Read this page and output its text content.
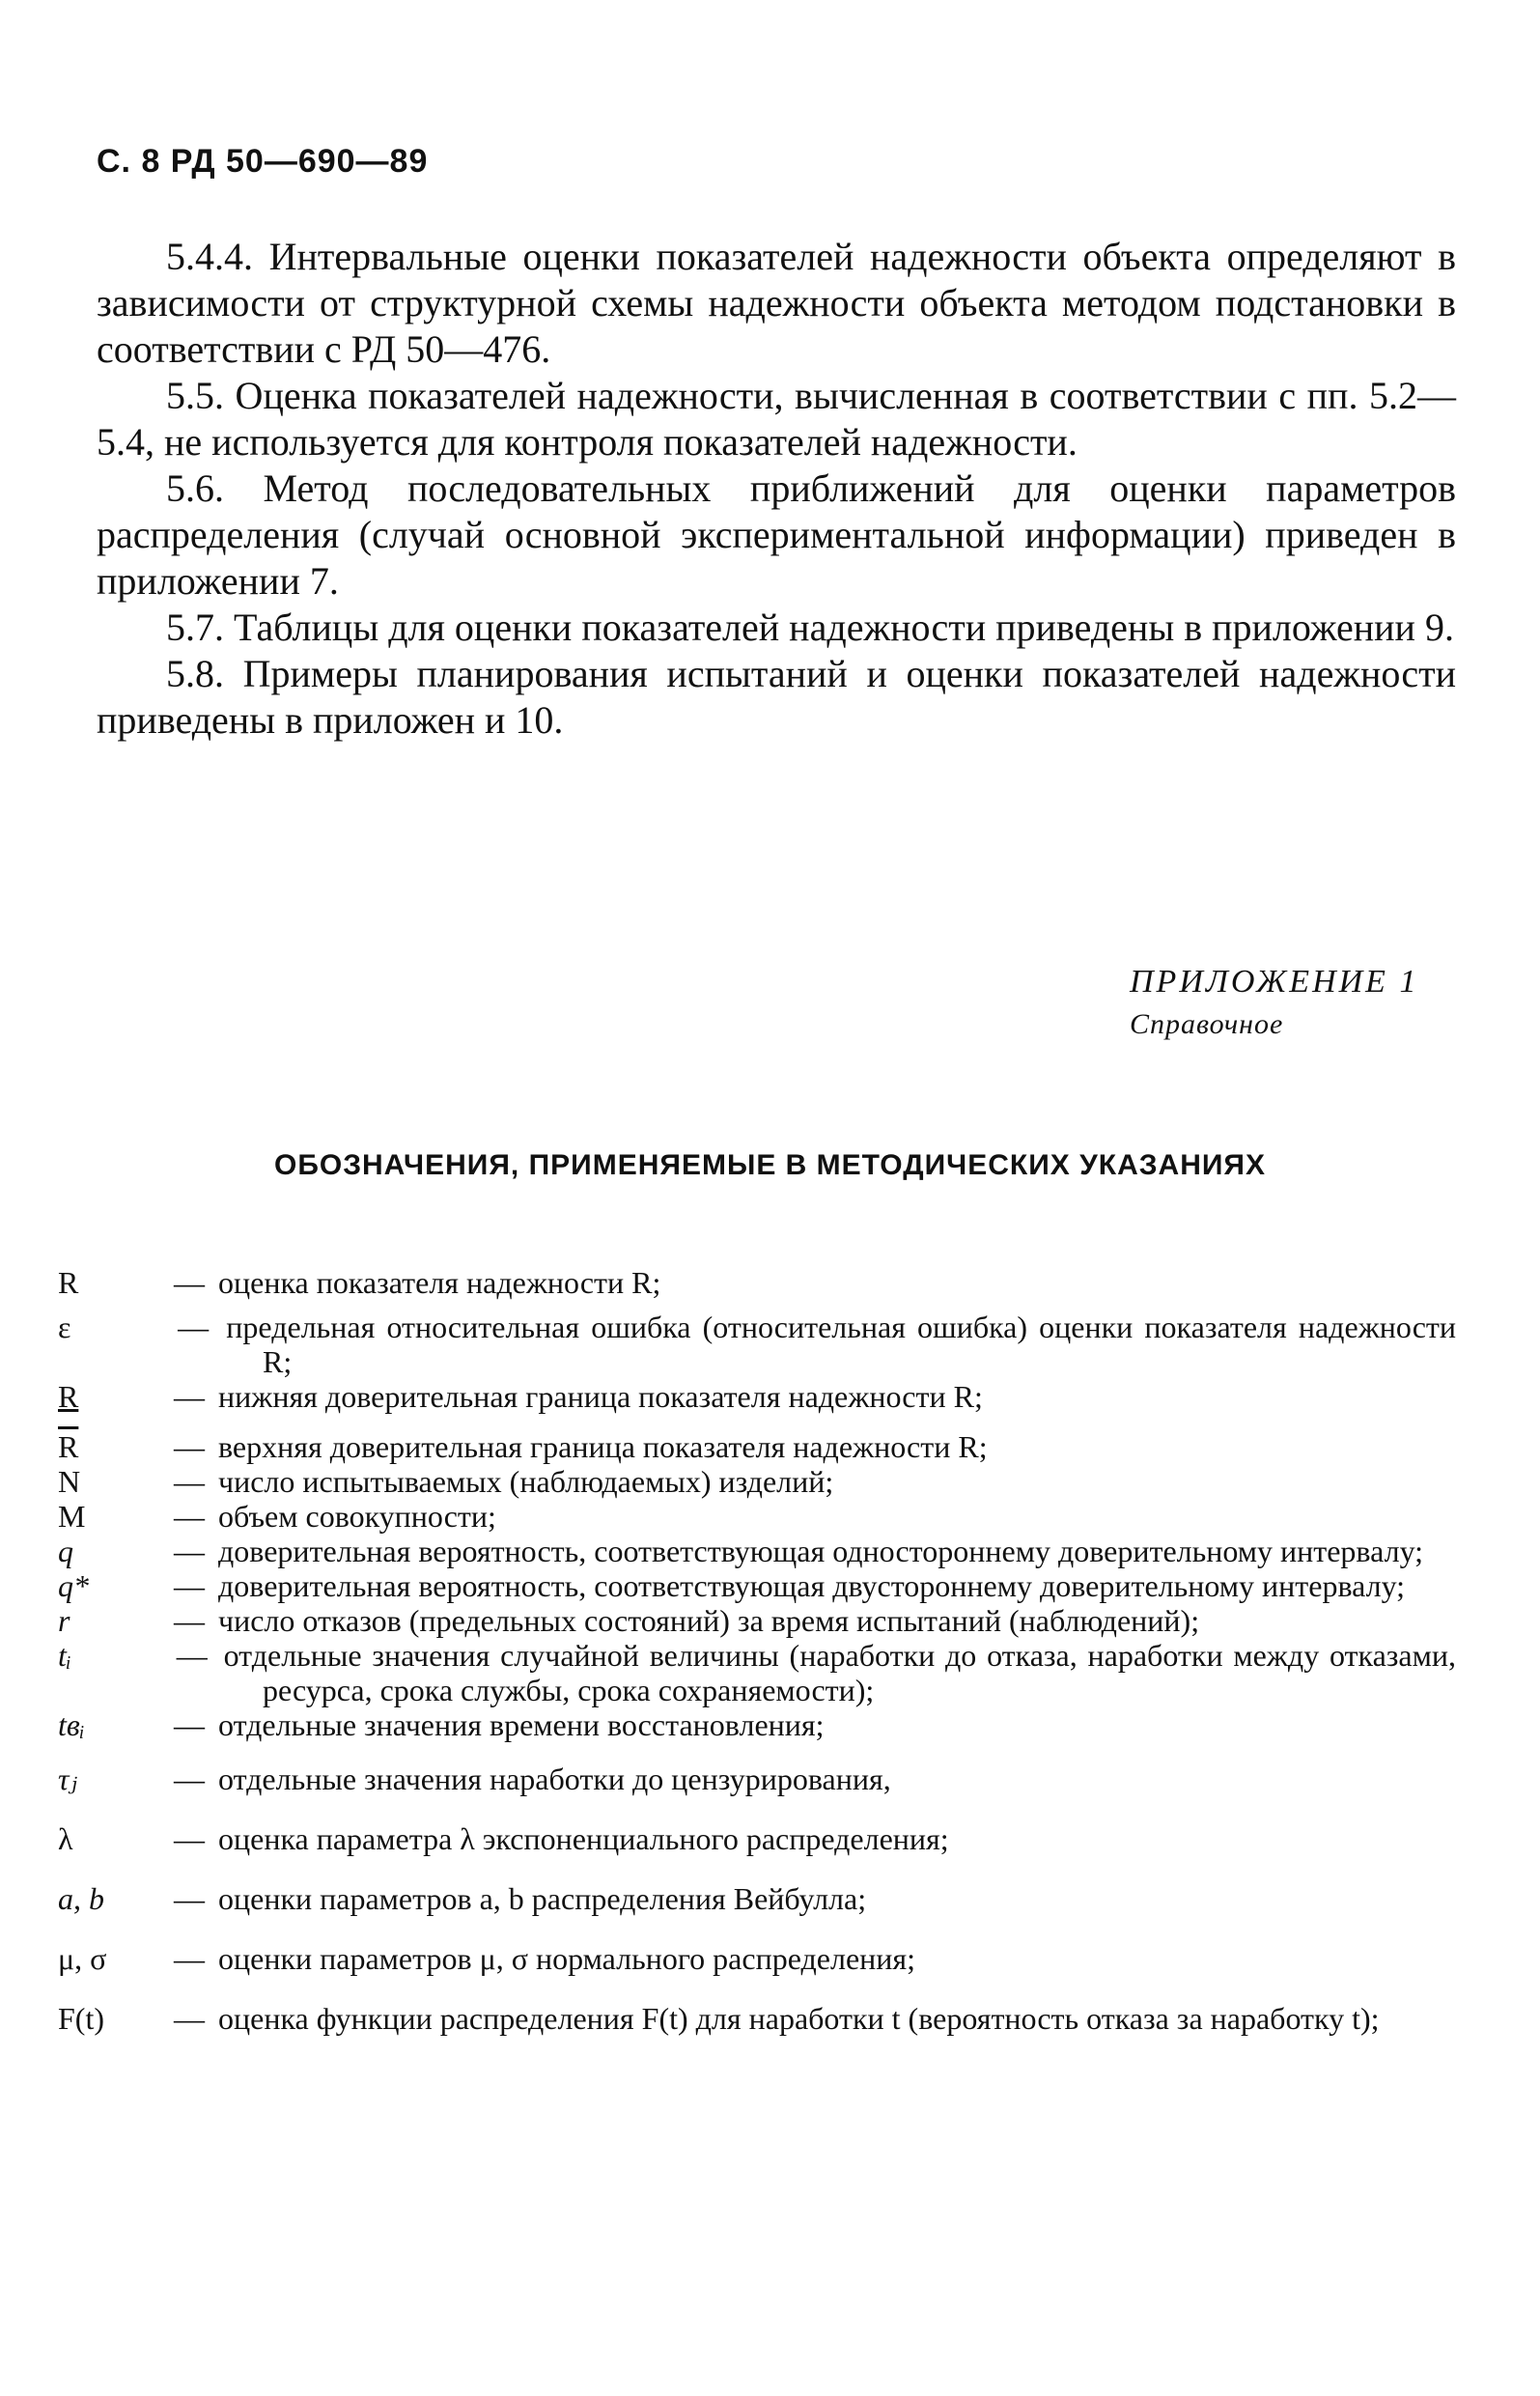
С. 8 РД 50—690—89

5.4.4. Интервальные оценки показателей надежности объекта определяют в зависимости от структурной схемы надежности объекта методом подстановки в соответствии с РД 50—476.

5.5. Оценка показателей надежности, вычисленная в соответствии с пп. 5.2—5.4, не используется для контроля показателей надежности.

5.6. Метод последовательных приближений для оценки параметров распределения (случай основной экспериментальной информации) приведен в приложении 7.

5.7. Таблицы для оценки показателей надежности приведены в приложении 9.

5.8. Примеры планирования испытаний и оценки показателей надежности приведены в приложен и 10.

ПРИЛОЖЕНИЕ 1
Справочное
ОБОЗНАЧЕНИЯ, ПРИМЕНЯЕМЫЕ В МЕТОДИЧЕСКИХ УКАЗАНИЯХ
R	— оценка показателя надежности R;
ε	— предельная относительная ошибка (относительная ошибка) оценки показателя надежности R;
R	— нижняя доверительная граница показателя надежности R;
$\overline{R}$	— верхняя доверительная граница показателя надежности R;
N	— число испытываемых (наблюдаемых) изделий;
M	— объем совокупности;
q	— доверительная вероятность, соответствующая одностороннему доверительному интервалу;
q*	— доверительная вероятность, соответствующая двустороннему доверительному интервалу;
r	— число отказов (предельных состояний) за время испытаний (наблюдений);
tᵢ	— отдельные значения случайной величины (наработки до отказа, наработки между отказами, ресурса, срока службы, срока сохраняемости);
tвᵢ	— отдельные значения времени восстановления;
τⱼ	— отдельные значения наработки до цензурирования,
λ	— оценка параметра λ экспоненциального распределения;
a, b — оценки параметров a, b распределения Вейбулла;
μ, σ — оценки параметров μ, σ нормального распределения;
F(t) — оценка функции распределения F(t) для наработки t (вероятность отказа за наработку t);
